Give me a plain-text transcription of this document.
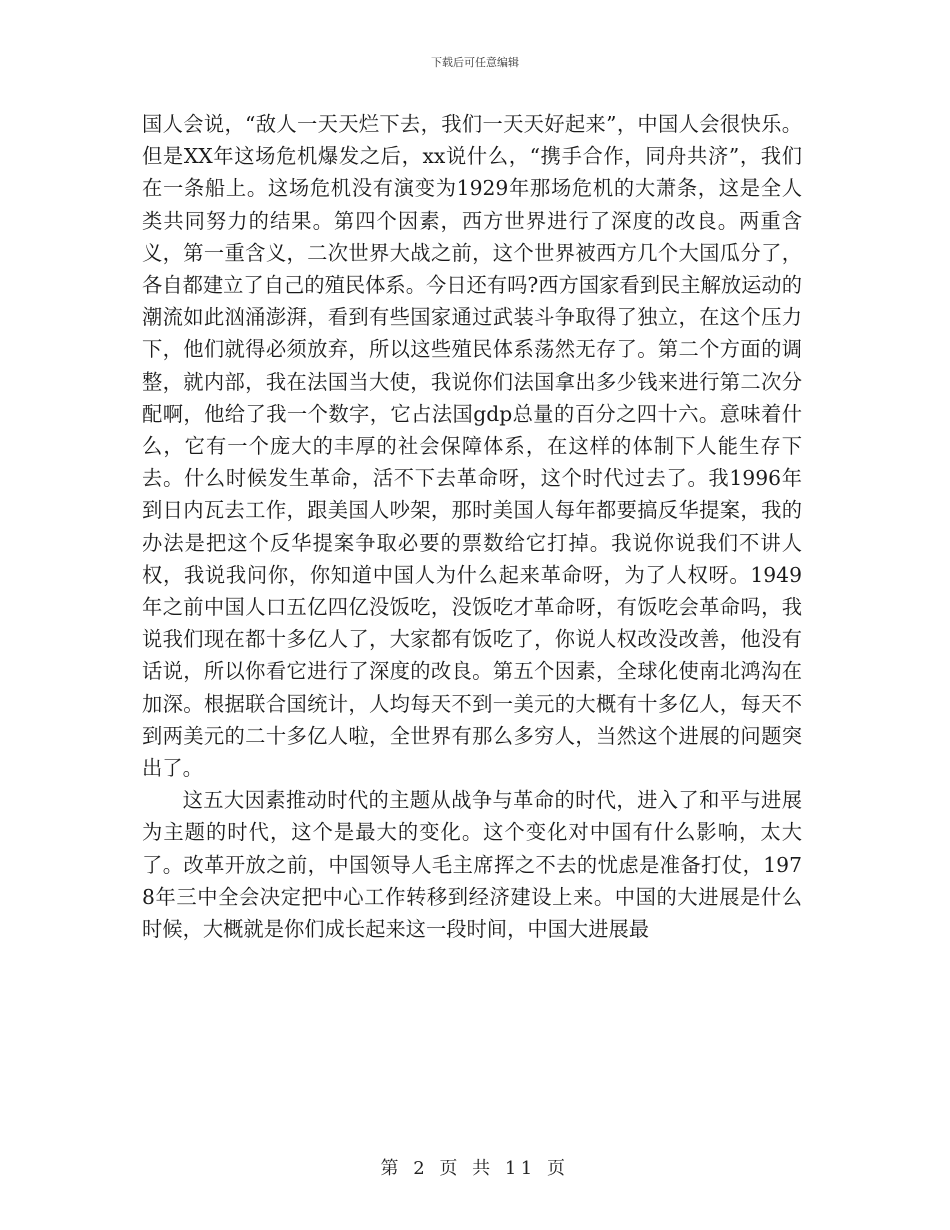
下载后可任意编辑

国人会说，“敌人一天天烂下去，我们一天天好起来”，中国人会很快乐。但是XX年这场危机爆发之后，xx说什么，“携手合作，同舟共济”，我们在一条船上。这场危机没有演变为1929年那场危机的大萧条，这是全人类共同努力的结果。第四个因素，西方世界进行了深度的改良。两重含义，第一重含义，二次世界大战之前，这个世界被西方几个大国瓜分了，各自都建立了自己的殖民体系。今日还有吗?西方国家看到民主解放运动的潮流如此汹涌澎湃，看到有些国家通过武装斗争取得了独立，在这个压力下，他们就得必须放弃，所以这些殖民体系荡然无存了。第二个方面的调整，就内部，我在法国当大使，我说你们法国拿出多少钱来进行第二次分配啊，他给了我一个数字，它占法国gdp总量的百分之四十六。意味着什么，它有一个庞大的丰厚的社会保障体系，在这样的体制下人能生存下去。什么时候发生革命，活不下去革命呀，这个时代过去了。我1996年到日内瓦去工作，跟美国人吵架，那时美国人每年都要搞反华提案，我的办法是把这个反华提案争取必要的票数给它打掉。我说你说我们不讲人权，我说我问你，你知道中国人为什么起来革命呀，为了人权呀。1949年之前中国人口五亿四亿没饭吃，没饭吃才革命呀，有饭吃会革命吗，我说我们现在都十多亿人了，大家都有饭吃了，你说人权改没改善，他没有话说，所以你看它进行了深度的改良。第五个因素，全球化使南北鸿沟在加深。根据联合国统计，人均每天不到一美元的大概有十多亿人，每天不到两美元的二十多亿人啦，全世界有那么多穷人，当然这个进展的问题突出了。

这五大因素推动时代的主题从战争与革命的时代，进入了和平与进展为主题的时代，这个是最大的变化。这个变化对中国有什么影响，太大了。改革开放之前，中国领导人毛主席挥之不去的忧虑是准备打仗，1978年三中全会决定把中心工作转移到经济建设上来。中国的大进展是什么时候，大概就是你们成长起来这一段时间，中国大进展最

第 2 页 共 11 页
